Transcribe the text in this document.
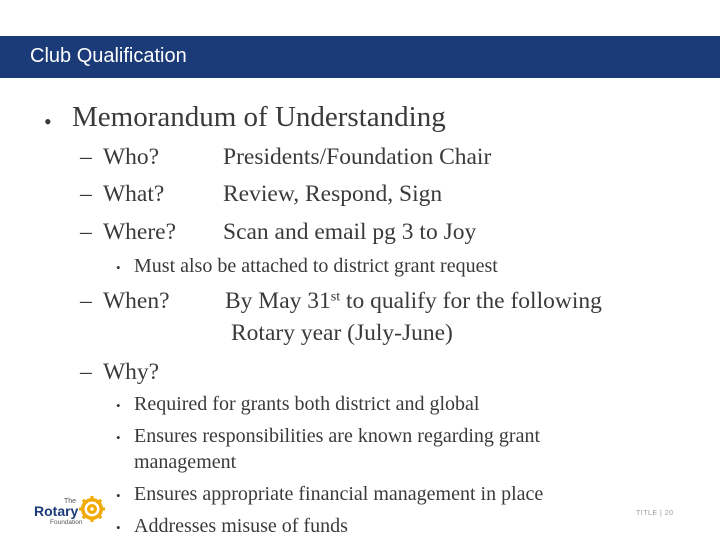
Club Qualification
• Memorandum of Understanding
– Who?	Presidents/Foundation Chair
– What? Review, Respond, Sign
– Where? Scan and email pg 3 to Joy
• Must also be attached to district grant request
– When? By May 31st to qualify for the following
Rotary year (July-June)
– Why?
• Required for grants both district and global
• Ensures responsibilities are known regarding grant
management
• Ensures appropriate financial management in place
• Addresses misuse of funds
The
Rotary
Foundation
TITLE | 20
